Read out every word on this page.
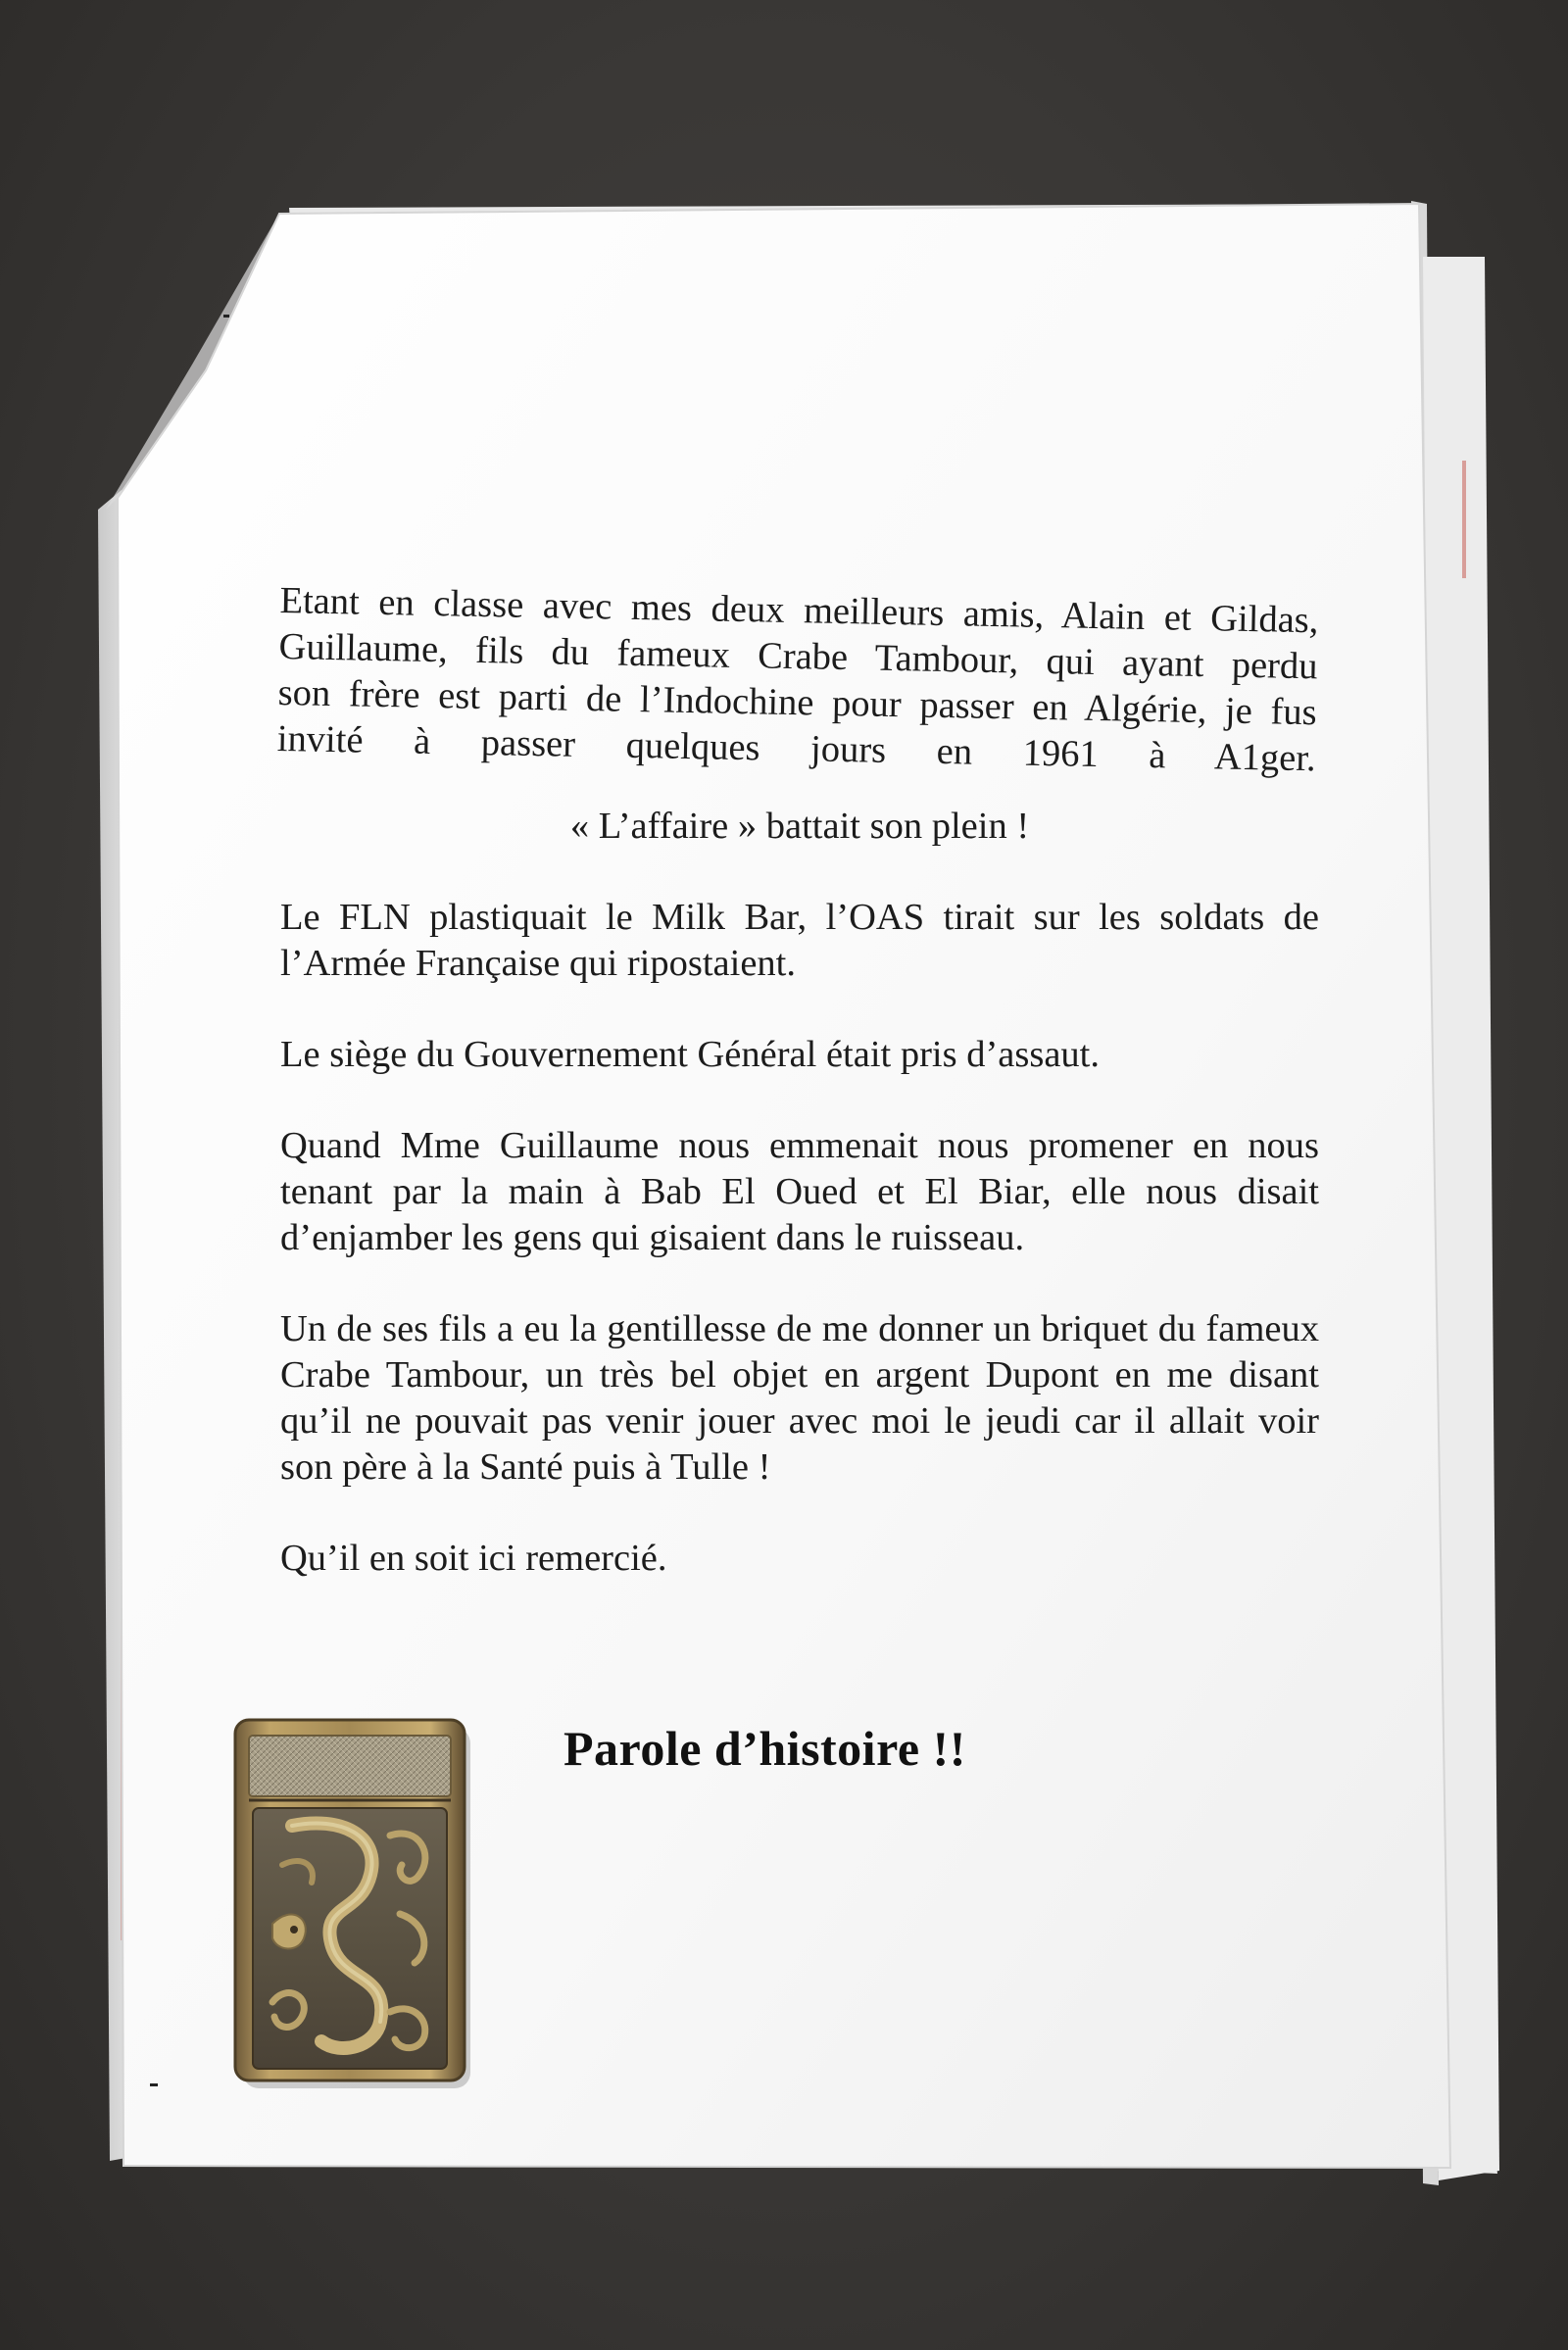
Etant en classe avec mes deux meilleurs amis, Alain et Gildas,
Guillaume, fils du fameux Crabe Tambour, qui ayant perdu
son frère est parti de l’Indochine pour passer en Algérie, je fus
invité à passer quelques jours en 1961 à A1ger.

« L’affaire » battait son plein !

Le FLN plastiquait le Milk Bar, l’OAS tirait sur les soldats de l’Armée Française qui ripostaient.

Le siège du Gouvernement Général était pris d’assaut.

Quand Mme Guillaume nous emmenait nous promener en nous tenant par la main à Bab El Oued et El Biar, elle nous disait d’enjamber les gens qui gisaient dans le ruisseau.

Un de ses fils a eu la gentillesse de me donner un briquet du fameux Crabe Tambour, un très bel objet en argent Dupont en me disant qu’il ne pouvait pas venir jouer avec moi le jeudi car il allait voir son père à la Santé puis à Tulle !

Qu’il en soit ici remercié.

Parole d’histoire !!
